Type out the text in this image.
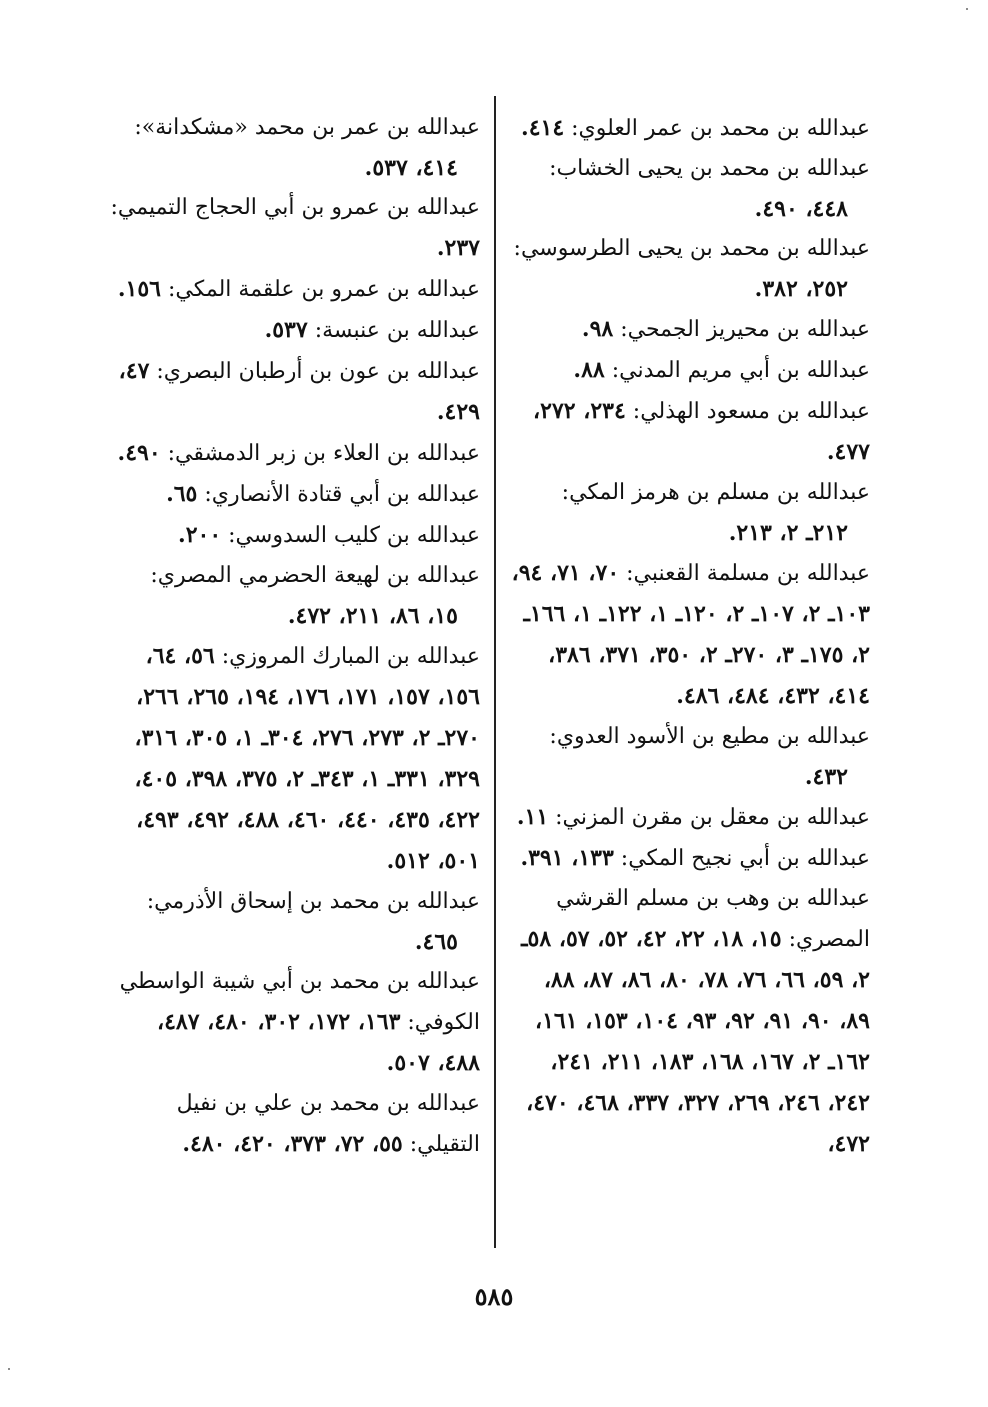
عبدالله بن محمد بن عمر العلوي: ٤١٤.

عبدالله بن محمد بن يحيى الخشاب:
٤٤٨، ٤٩٠.

عبدالله بن محمد بن يحيى الطرسوسي:
٢٥٢، ٣٨٢.

عبدالله بن محيريز الجمحي: ٩٨.

عبدالله بن أبي مريم المدني: ٨٨.

عبدالله بن مسعود الهذلي: ٢٣٤، ٢٧٢، ٤٧٧.

عبدالله بن مسلم بن هرمز المكي:
٢١٢ـ ٢، ٢١٣.

عبدالله بن مسلمة القعنبي: ٧٠، ٧١، ٩٤، ١٠٣ـ ٢، ١٠٧ـ ٢، ١٢٠ـ ١، ١٢٢ـ ١، ١٦٦ـ ٢، ١٧٥ـ ٣، ٢٧٠ـ ٢، ٣٥٠، ٣٧١، ٣٨٦، ٤١٤، ٤٣٢، ٤٨٤، ٤٨٦.

عبدالله بن مطيع بن الأسود العدوي:
٤٣٢.

عبدالله بن معقل بن مقرن المزني: ١١.

عبدالله بن أبي نجيح المكي: ١٣٣، ٣٩١.

عبدالله بن وهب بن مسلم القرشي المصري: ١٥، ١٨، ٢٢، ٤٢، ٥٢، ٥٧، ٥٨ـ ٢، ٥٩، ٦٦، ٧٦، ٧٨، ٨٠، ٨٦، ٨٧، ٨٨، ٨٩، ٩٠، ٩١، ٩٢، ٩٣، ١٠٤، ١٥٣، ١٦١، ١٦٢ـ ٢، ١٦٧، ١٦٨، ١٨٣، ٢١١، ٢٤١، ٢٤٢، ٢٤٦، ٢٦٩، ٣٢٧، ٣٣٧، ٤٦٨، ٤٧٠، ٤٧٢،

عبدالله بن عمر بن محمد «مشكدانة»:
٤١٤، ٥٣٧.

عبدالله بن عمرو بن أبي الحجاج التميمي: ٢٣٧.

عبدالله بن عمرو بن علقمة المكي: ١٥٦.

عبدالله بن عنبسة: ٥٣٧.

عبدالله بن عون بن أرطبان البصري: ٤٧، ٤٢٩.

عبدالله بن العلاء بن زبر الدمشقي: ٤٩٠.

عبدالله بن أبي قتادة الأنصاري: ٦٥.

عبدالله بن كليب السدوسي: ٢٠٠.

عبدالله بن لهيعة الحضرمي المصري:
١٥، ٨٦، ٢١١، ٤٧٢.

عبدالله بن المبارك المروزي: ٥٦، ٦٤، ١٥٦، ١٥٧، ١٧١، ١٧٦، ١٩٤، ٢٦٥، ٢٦٦، ٢٧٠ـ ٢، ٢٧٣، ٢٧٦، ٣٠٤ـ ١، ٣٠٥، ٣١٦، ٣٢٩، ٣٣١ـ ١، ٣٤٣ـ ٢، ٣٧٥، ٣٩٨، ٤٠٥، ٤٢٢، ٤٣٥، ٤٤٠، ٤٦٠، ٤٨٨، ٤٩٢، ٤٩٣، ٥٠١، ٥١٢.

عبدالله بن محمد بن إسحاق الأذرمي:
٤٦٥.

عبدالله بن محمد بن أبي شيبة الواسطي الكوفي: ١٦٣، ١٧٢، ٣٠٢، ٤٨٠، ٤٨٧، ٤٨٨، ٥٠٧.

عبدالله بن محمد بن علي بن نفيل التقيلي: ٥٥، ٧٢، ٣٧٣، ٤٢٠، ٤٨٠.

٥٨٥
